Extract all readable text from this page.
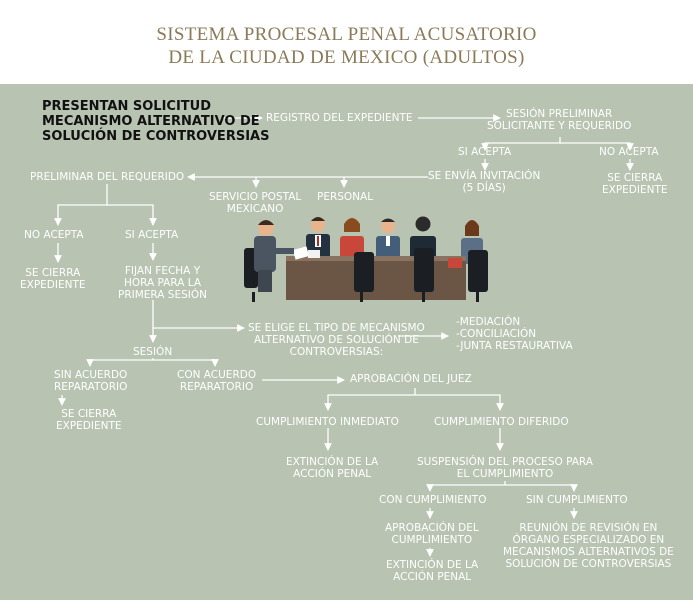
SISTEMA PROCESAL PENAL ACUSATORIO
DE LA CIUDAD DE MEXICO (ADULTOS)
PRESENTAN SOLICITUD
MECANISMO ALTERNATIVO DE
SOLUCIÓN DE CONTROVERSIAS
REGISTRO DEL EXPEDIENTE	SESIÓN PRELIMINAR
SOLICITANTE Y REQUERIDO
SI ACEPTA	NO ACEPTA
SE ENVÍA INVITACIÓN
(5 DÍAS)
SE CIERRA
EXPEDIENTE
PRELIMINAR DEL REQUERIDO
SERVICIO POSTAL
MEXICANO
PERSONAL
NO ACEPTA	SI ACEPTA
SE CIERRA
EXPEDIENTE
FIJAN FECHA Y
HORA PARA LA
PRIMERA SESIÓN
SE ELIGE EL TIPO DE MECANISMO
ALTERNATIVO DE SOLUCIÓN DE
CONTROVERSIAS:
-MEDIACIÓN
-CONCILIACIÓN
-JUNTA RESTAURATIVA
SESIÓN
SIN ACUERDO
REPARATORIO
CON ACUERDO
REPARATORIO
SE CIERRA
EXPEDIENTE
APROBACIÓN DEL JUEZ
CUMPLIMIENTO INMEDIATO	CUMPLIMIENTO DIFERIDO
EXTINCIÓN DE LA
ACCIÓN PENAL
SUSPENSIÓN DEL PROCESO PARA
EL CUMPLIMIENTO
CON CUMPLIMIENTO	SIN CUMPLIMIENTO
APROBACIÓN DEL
CUMPLIMIENTO
REUNIÓN DE REVISIÓN EN
ÓRGANO ESPECIALIZADO EN
MECANISMOS ALTERNATIVOS DE
SOLUCIÓN DE CONTROVERSIAS
EXTINCIÓN DE LA
ACCIÓN PENAL
